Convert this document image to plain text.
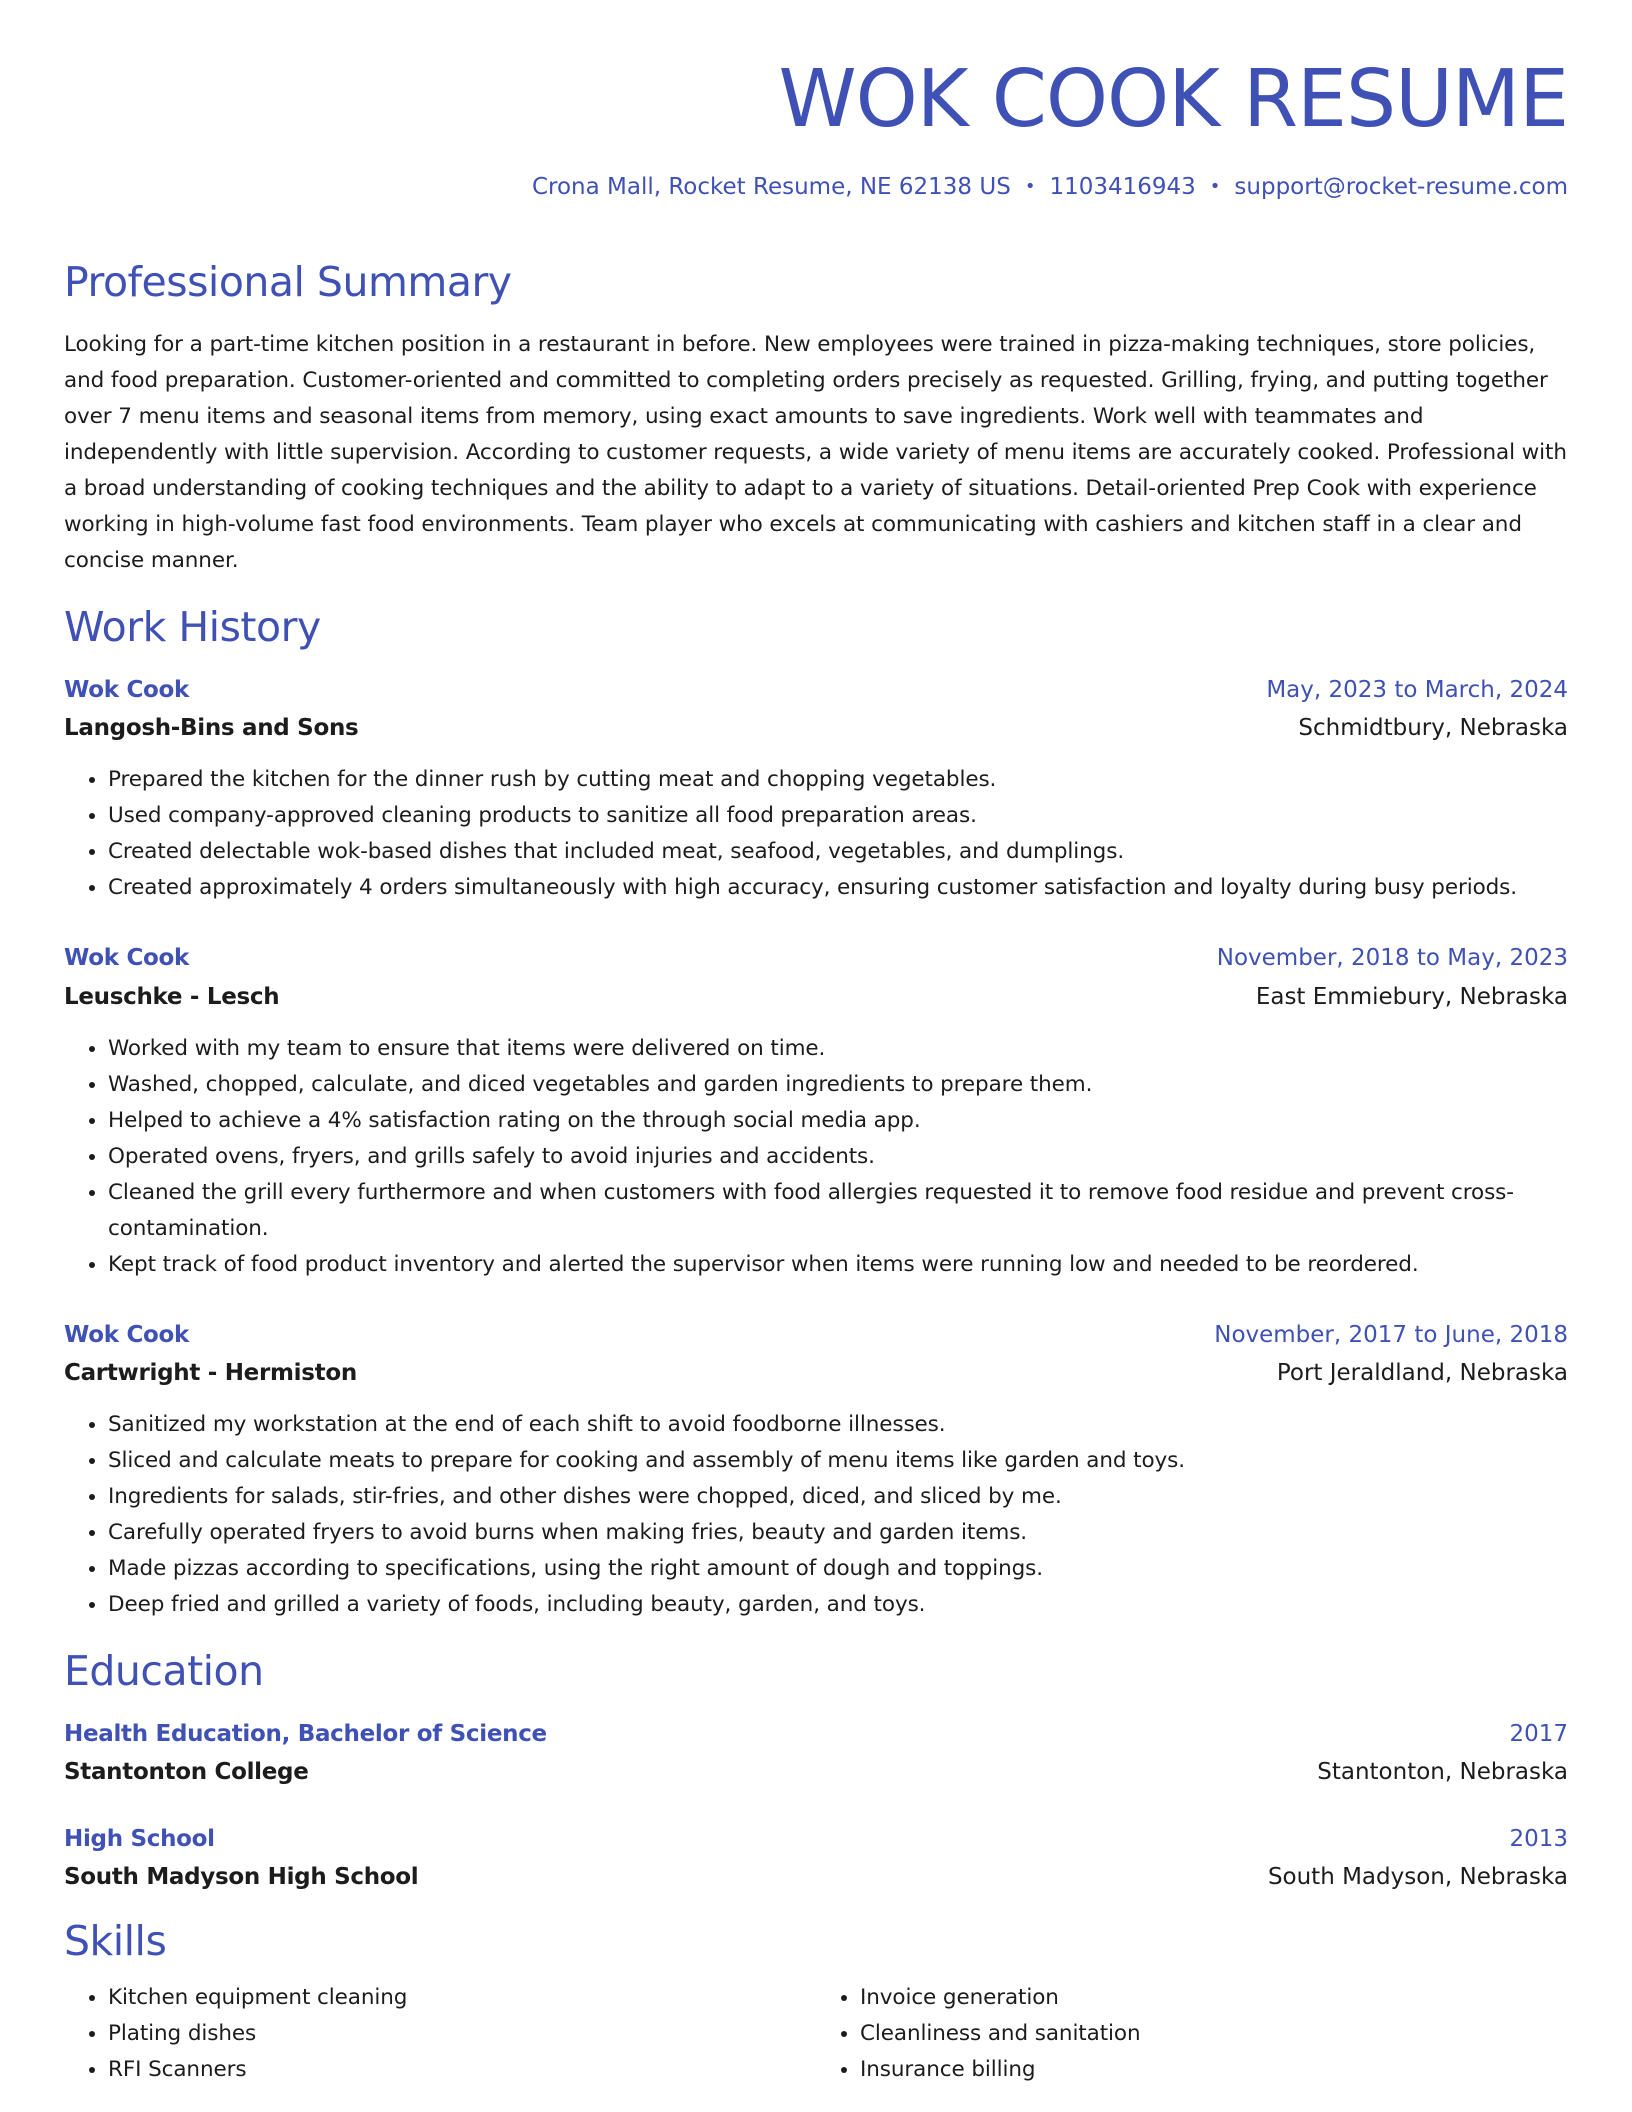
WOK COOK RESUME
Crona Mall, Rocket Resume, NE 62138 US • 1103416943 • support@rocket-resume.com
Professional Summary

Looking for a part-time kitchen position in a restaurant in before. New employees were trained in pizza-making techniques, store policies, and food preparation. Customer-oriented and committed to completing orders precisely as requested. Grilling, frying, and putting together over 7 menu items and seasonal items from memory, using exact amounts to save ingredients. Work well with teammates and independently with little supervision. According to customer requests, a wide variety of menu items are accurately cooked. Professional with a broad understanding of cooking techniques and the ability to adapt to a variety of situations. Detail-oriented Prep Cook with experience working in high-volume fast food environments. Team player who excels at communicating with cashiers and kitchen staff in a clear and concise manner.

Work History
Wok Cook	May, 2023 to March, 2024
Langosh-Bins and Sons	Schmidtbury, Nebraska
• Prepared the kitchen for the dinner rush by cutting meat and chopping vegetables.
• Used company-approved cleaning products to sanitize all food preparation areas.
• Created delectable wok-based dishes that included meat, seafood, vegetables, and dumplings.
• Created approximately 4 orders simultaneously with high accuracy, ensuring customer satisfaction and loyalty during busy periods.
Wok Cook	November, 2018 to May, 2023
Leuschke - Lesch	East Emmiebury, Nebraska
• Worked with my team to ensure that items were delivered on time.
• Washed, chopped, calculate, and diced vegetables and garden ingredients to prepare them.
• Helped to achieve a 4% satisfaction rating on the through social media app.
• Operated ovens, fryers, and grills safely to avoid injuries and accidents.
• Cleaned the grill every furthermore and when customers with food allergies requested it to remove food residue and prevent cross-contamination.
• Kept track of food product inventory and alerted the supervisor when items were running low and needed to be reordered.
Wok Cook	November, 2017 to June, 2018
Cartwright - Hermiston	Port Jeraldland, Nebraska
• Sanitized my workstation at the end of each shift to avoid foodborne illnesses.
• Sliced and calculate meats to prepare for cooking and assembly of menu items like garden and toys.
• Ingredients for salads, stir-fries, and other dishes were chopped, diced, and sliced by me.
• Carefully operated fryers to avoid burns when making fries, beauty and garden items.
• Made pizzas according to specifications, using the right amount of dough and toppings.
• Deep fried and grilled a variety of foods, including beauty, garden, and toys.
Education
Health Education, Bachelor of Science	2017
Stantonton College	Stantonton, Nebraska
High School	2013
South Madyson High School	South Madyson, Nebraska
Skills
• Kitchen equipment cleaning
• Plating dishes
• RFI Scanners
• Invoice generation
• Cleanliness and sanitation
• Insurance billing
